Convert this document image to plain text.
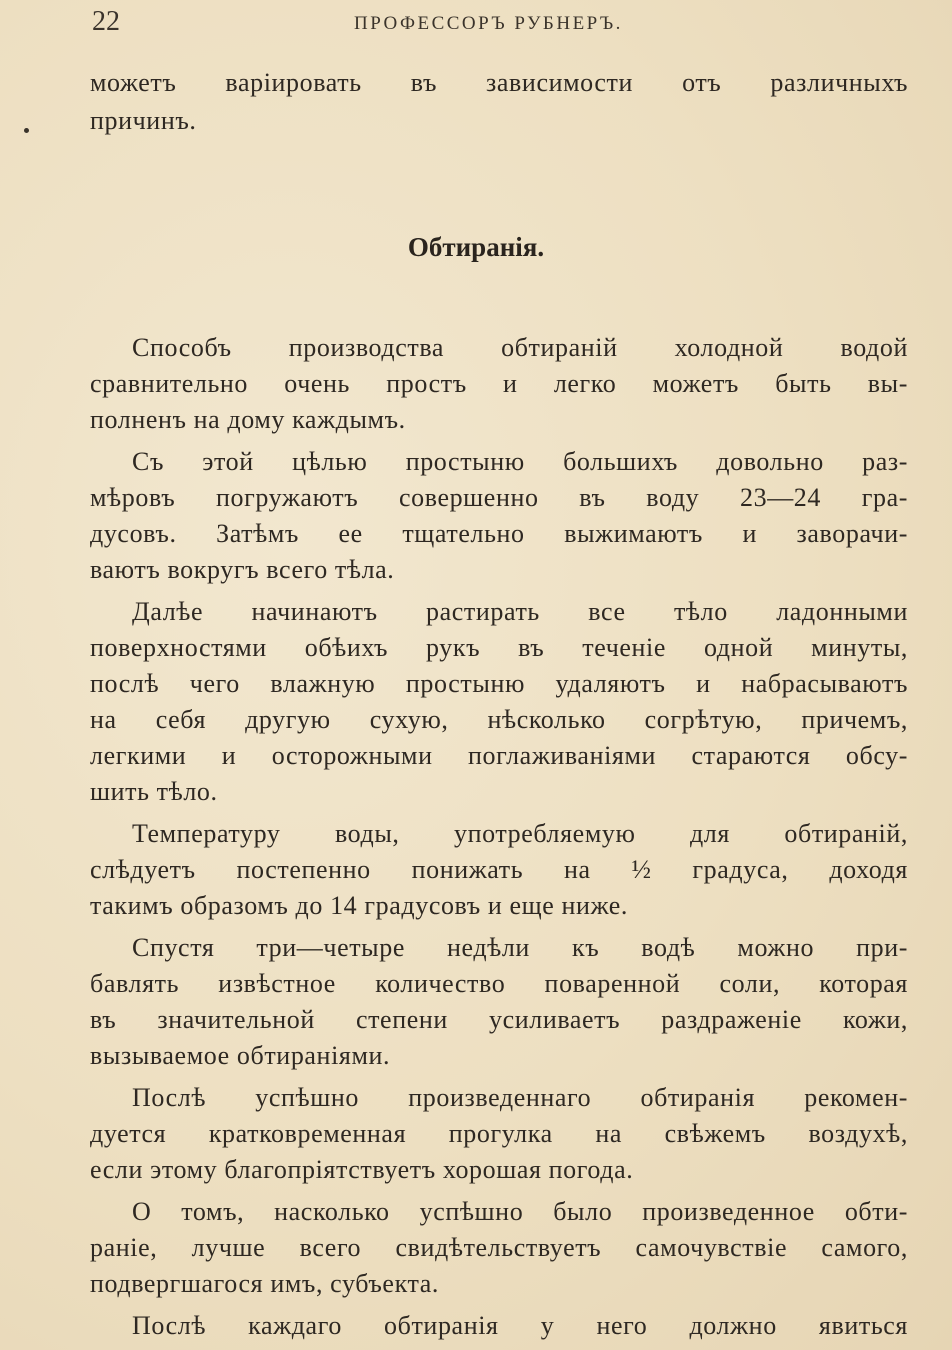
22	ПРОФЕССОРЪ РУБНЕРЪ.
можетъ варіировать въ зависимости отъ различныхъ
причинъ.
Обтиранія.
Способъ производства обтираній холодной водой
сравнительно очень простъ и легко можетъ быть вы-
полненъ на дому каждымъ.
Съ этой цѣлью простыню большихъ довольно раз-
мѣровъ погружаютъ совершенно въ воду 23—24 гра-
дусовъ. Затѣмъ ее тщательно выжимаютъ и заворачи-
ваютъ вокругъ всего тѣла.
Далѣе начинаютъ растирать все тѣло ладонными
поверхностями обѣихъ рукъ въ теченіе одной минуты,
послѣ чего влажную простыню удаляютъ и набрасываютъ
на себя другую сухую, нѣсколько согрѣтую, причемъ,
легкими и осторожными поглаживаніями стараются обсу-
шить тѣло.
Температуру воды, употребляемую для обтираній,
слѣдуетъ постепенно понижать на ½ градуса, доходя
такимъ образомъ до 14 градусовъ и еще ниже.
Спустя три—четыре недѣли къ водѣ можно при-
бавлять извѣстное количество поваренной соли, которая
въ значительной степени усиливаетъ раздраженіе кожи,
вызываемое обтираніями.
Послѣ успѣшно произведеннаго обтиранія рекомен-
дуется кратковременная прогулка на свѣжемъ воздухѣ,
если этому благопріятствуетъ хорошая погода.
О томъ, насколько успѣшно было произведенное обти-
раніе, лучше всего свидѣтельствуетъ самочувствіе самого,
подвергшагося имъ, субъекта.
Послѣ каждаго обтиранія у него должно явиться
